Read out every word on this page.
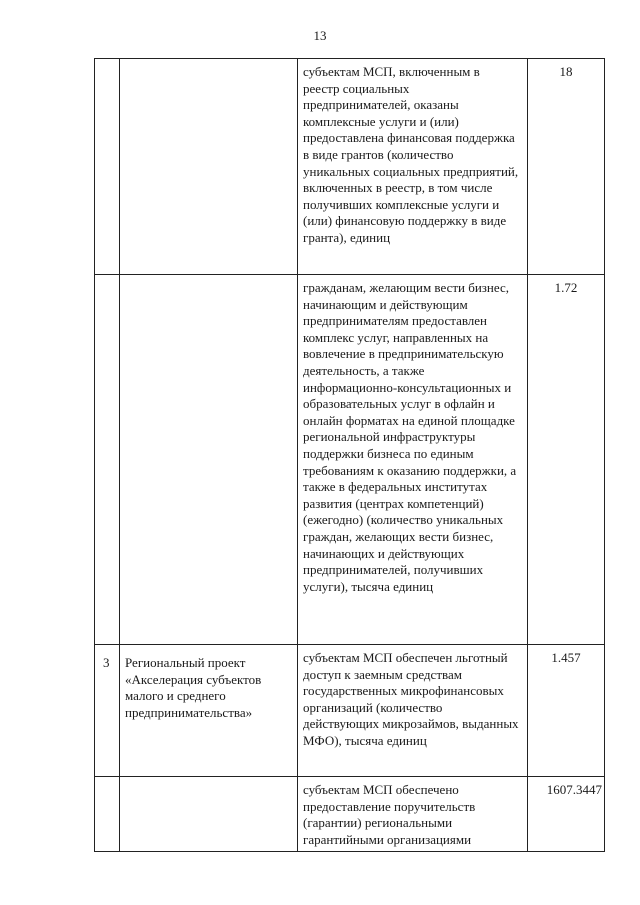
13
		субъектам МСП, включенным в реестр социальных предпринимателей, оказаны комплексные услуги и (или) предоставлена финансовая поддержка в виде грантов (количество уникальных социальных предприятий, включенных в реестр, в том числе получивших комплексные услуги и (или) финансовую поддержку в виде гранта), единиц	18
		гражданам, желающим вести бизнес, начинающим и действующим предпринимателям предоставлен комплекс услуг, направленных на вовлечение в предпринимательскую деятельность, а также информационно-консультационных и образовательных услуг в офлайн и онлайн форматах на единой площадке региональной инфраструктуры поддержки бизнеса по единым требованиям к оказанию поддержки, а также в федеральных институтах развития (центрах компетенций) (ежегодно) (количество уникальных граждан, желающих вести бизнес, начинающих и действующих предпринимателей, получивших услуги), тысяча единиц	1.72
3	Региональный проект «Акселерация субъектов малого и среднего предпринимательства»	субъектам МСП обеспечен льготный доступ к заемным средствам государственных микрофинансовых организаций (количество действующих микрозаймов, выданных МФО), тысяча единиц	1.457
		субъектам МСП обеспечено предоставление поручительств (гарантии) региональными гарантийными организациями	1607.3447
